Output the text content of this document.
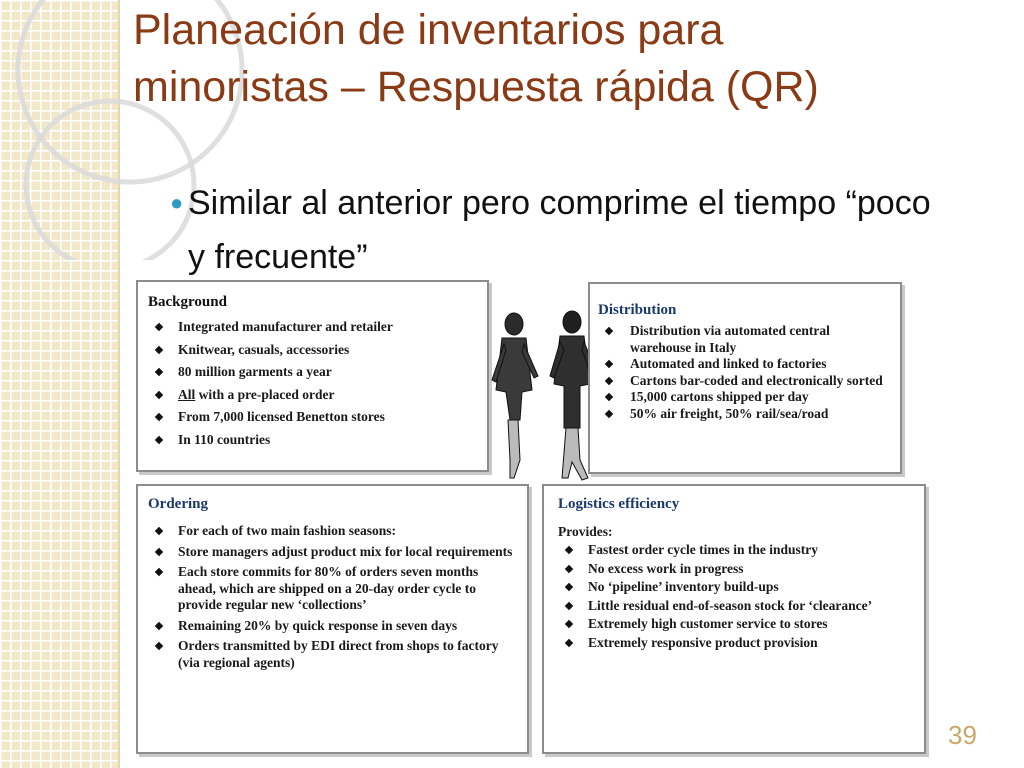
Planeación de inventarios para minoristas – Respuesta rápida (QR)
● Similar al anterior pero comprime el tiempo “poco y frecuente”
Background
Integrated manufacturer and retailer
Knitwear, casuals, accessories
80 million garments a year
All with a pre-placed order
From 7,000 licensed Benetton stores
In 110 countries
Distribution
Distribution via automated central warehouse in Italy
Automated and linked to factories
Cartons bar-coded and electronically sorted
15,000 cartons shipped per day
50% air freight, 50% rail/sea/road
Ordering
For each of two main fashion seasons:
Store managers adjust product mix for local requirements
Each store commits for 80% of orders seven months ahead, which are shipped on a 20-day order cycle to provide regular new ‘collections’
Remaining 20% by quick response in seven days
Orders transmitted by EDI direct from shops to factory (via regional agents)
Logistics efficiency
Provides:
Fastest order cycle times in the industry
No excess work in progress
No ‘pipeline’ inventory build-ups
Little residual end-of-season stock for ‘clearance’
Extremely high customer service to stores
Extremely responsive product provision
39
